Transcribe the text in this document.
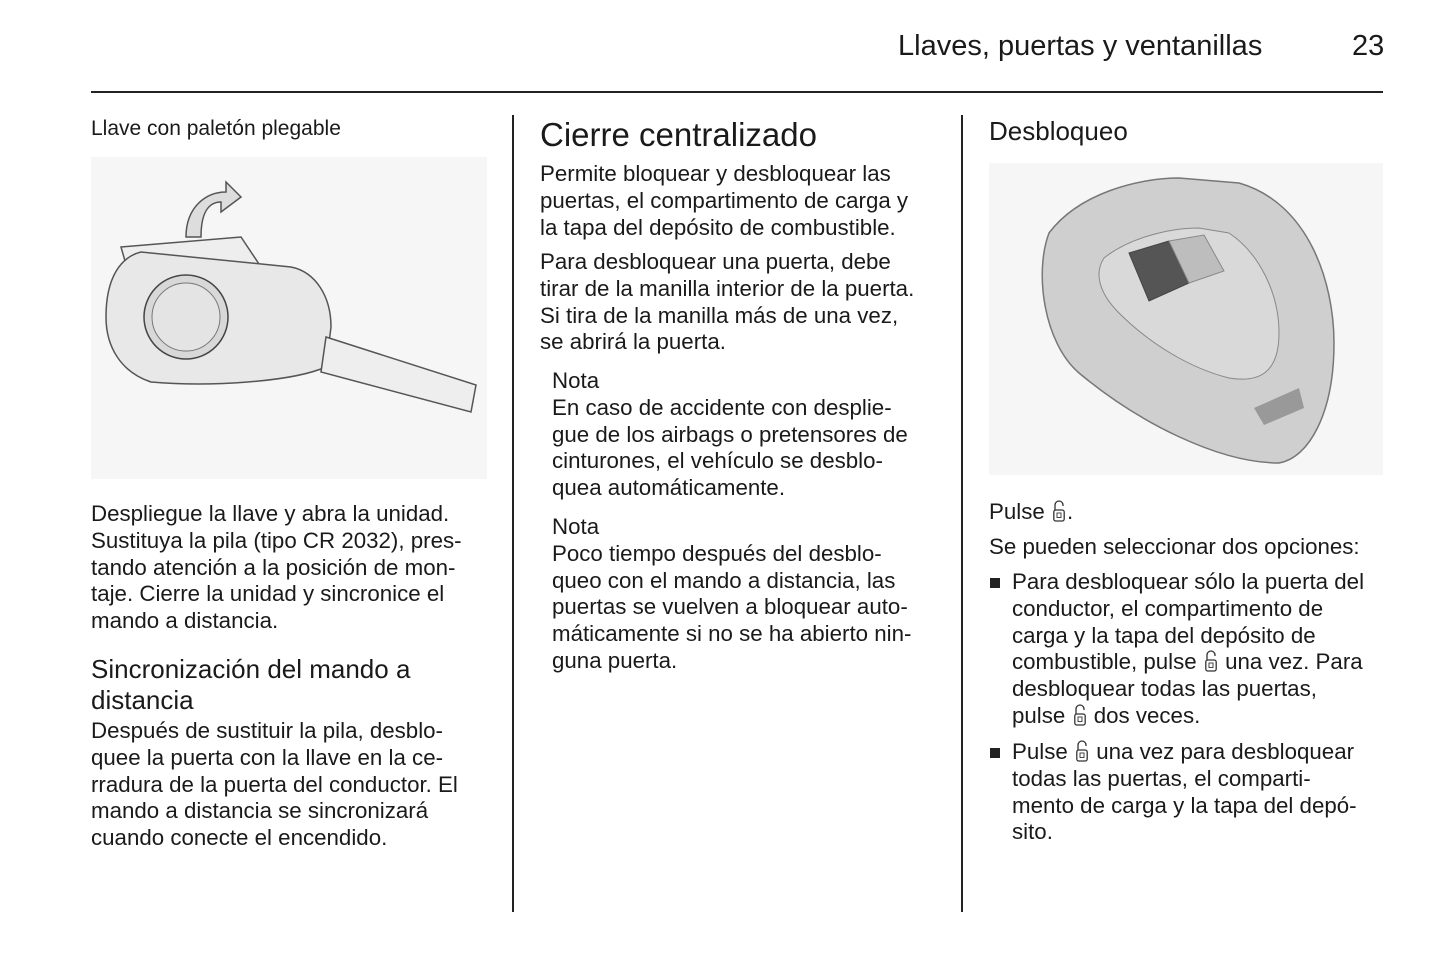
Llaves, puertas y ventanillas	23
Llave con paletón plegable
Despliegue la llave y abra la unidad.
Sustituya la pila (tipo CR 2032), pres-
tando atención a la posición de mon-
taje. Cierre la unidad y sincronice el
mando a distancia.
Sincronización del mando a
distancia
Después de sustituir la pila, desblo-
quee la puerta con la llave en la ce-
rradura de la puerta del conductor. El
mando a distancia se sincronizará
cuando conecte el encendido.
Cierre centralizado
Permite bloquear y desbloquear las
puertas, el compartimento de carga y
la tapa del depósito de combustible.
Para desbloquear una puerta, debe
tirar de la manilla interior de la puerta.
Si tira de la manilla más de una vez,
se abrirá la puerta.
Nota
En caso de accidente con desplie-
gue de los airbags o pretensores de
cinturones, el vehículo se desblo-
quea automáticamente.
Nota
Poco tiempo después del desblo-
queo con el mando a distancia, las
puertas se vuelven a bloquear auto-
máticamente si no se ha abierto nin-
guna puerta.
Desbloqueo
Pulse .
Se pueden seleccionar dos opciones:
Para desbloquear sólo la puerta del
conductor, el compartimento de
carga y la tapa del depósito de
combustible, pulse una vez. Para
desbloquear todas las puertas,
pulse dos veces.
Pulse una vez para desbloquear
todas las puertas, el comparti-
mento de carga y la tapa del depó-
sito.
